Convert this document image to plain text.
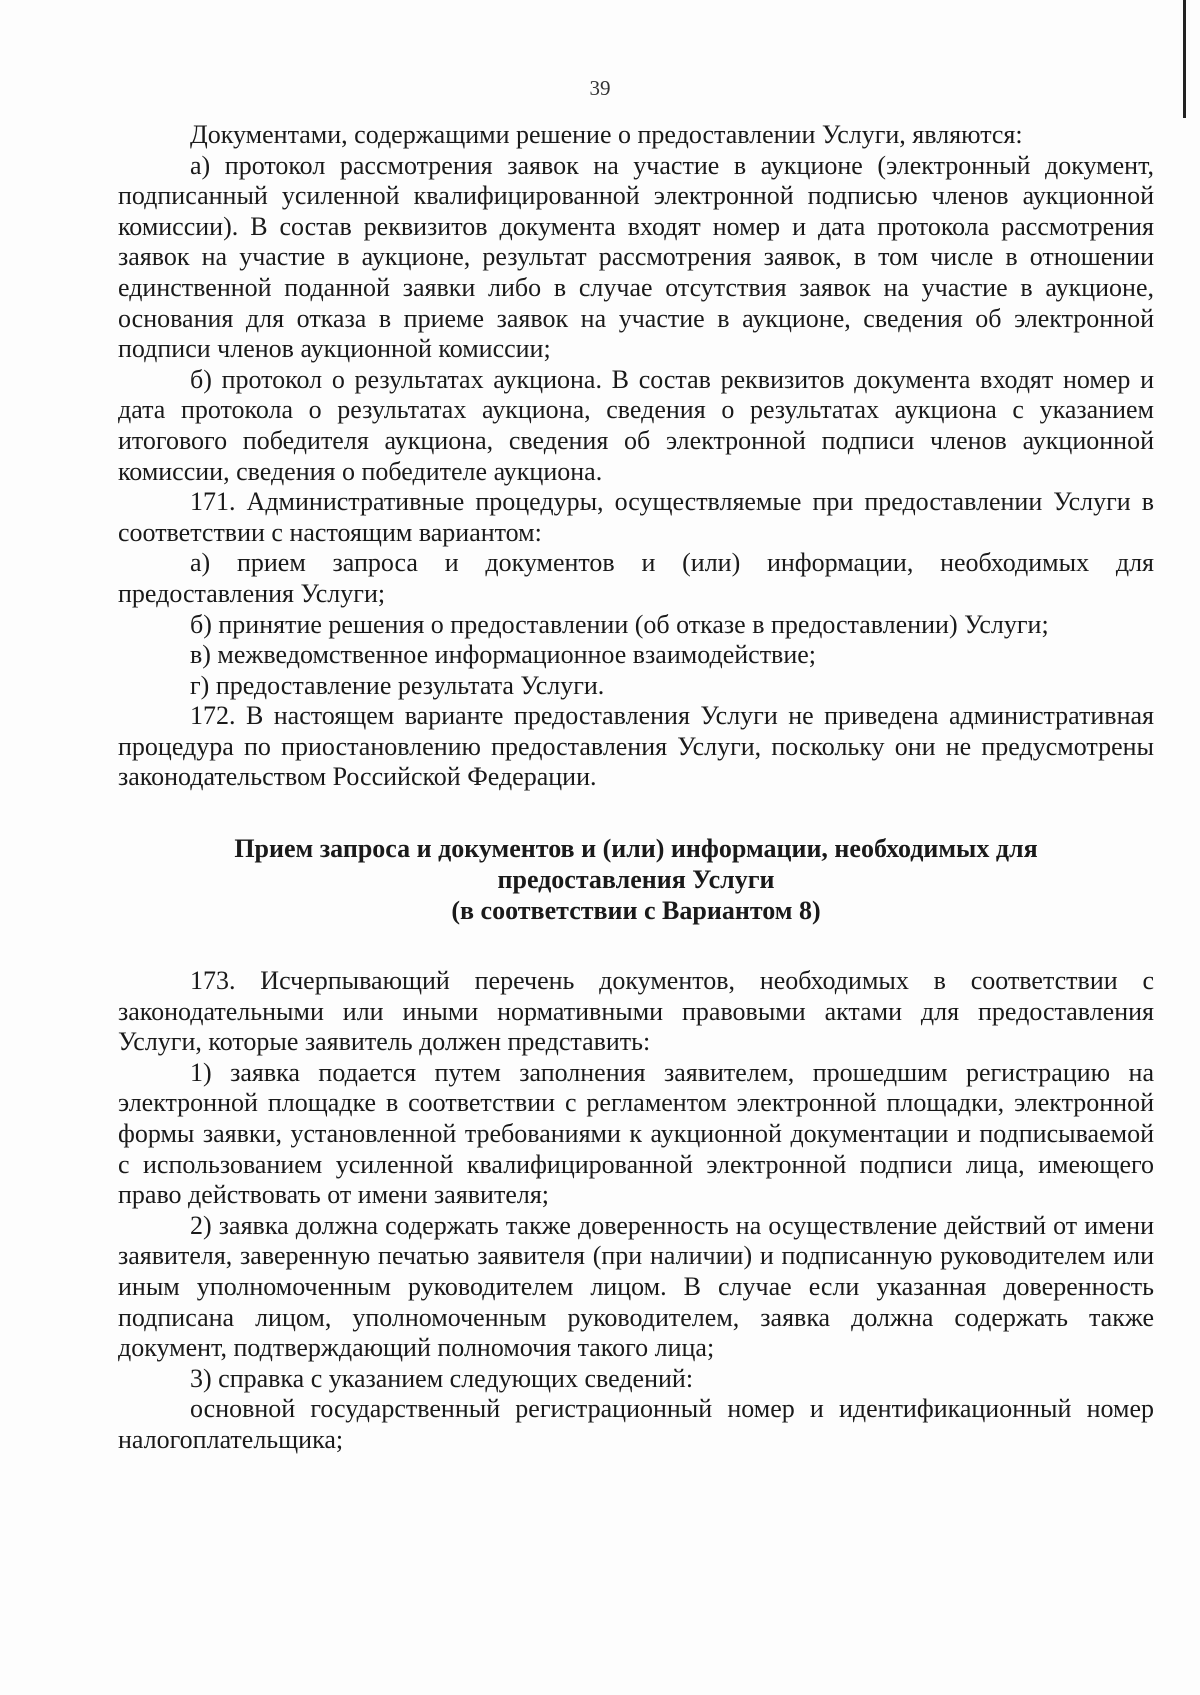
39

Документами, содержащими решение о предоставлении Услуги, являются:

а) протокол рассмотрения заявок на участие в аукционе (электронный документ, подписанный усиленной квалифицированной электронной подписью членов аукционной комиссии). В состав реквизитов документа входят номер и дата протокола рассмотрения заявок на участие в аукционе, результат рассмотрения заявок, в том числе в отношении единственной поданной заявки либо в случае отсутствия заявок на участие в аукционе, основания для отказа в приеме заявок на участие в аукционе, сведения об электронной подписи членов аукционной комиссии;

б) протокол о результатах аукциона. В состав реквизитов документа входят номер и дата протокола о результатах аукциона, сведения о результатах аукциона с указанием итогового победителя аукциона, сведения об электронной подписи членов аукционной комиссии, сведения о победителе аукциона.

171. Административные процедуры, осуществляемые при предоставлении Услуги в соответствии с настоящим вариантом:

а) прием запроса и документов и (или) информации, необходимых для предоставления Услуги;

б) принятие решения о предоставлении (об отказе в предоставлении) Услуги;

в) межведомственное информационное взаимодействие;

г) предоставление результата Услуги.

172. В настоящем варианте предоставления Услуги не приведена административная процедура по приостановлению предоставления Услуги, поскольку они не предусмотрены законодательством Российской Федерации.

Прием запроса и документов и (или) информации, необходимых для
предоставления Услуги
(в соответствии с Вариантом 8)

173. Исчерпывающий перечень документов, необходимых в соответствии с законодательными или иными нормативными правовыми актами для предоставления Услуги, которые заявитель должен представить:

1) заявка подается путем заполнения заявителем, прошедшим регистрацию на электронной площадке в соответствии с регламентом электронной площадки, электронной формы заявки, установленной требованиями к аукционной документации и подписываемой с использованием усиленной квалифицированной электронной подписи лица, имеющего право действовать от имени заявителя;

2) заявка должна содержать также доверенность на осуществление действий от имени заявителя, заверенную печатью заявителя (при наличии) и подписанную руководителем или иным уполномоченным руководителем лицом. В случае если указанная доверенность подписана лицом, уполномоченным руководителем, заявка должна содержать также документ, подтверждающий полномочия такого лица;

3) справка с указанием следующих сведений:

основной государственный регистрационный номер и идентификационный номер налогоплательщика;
